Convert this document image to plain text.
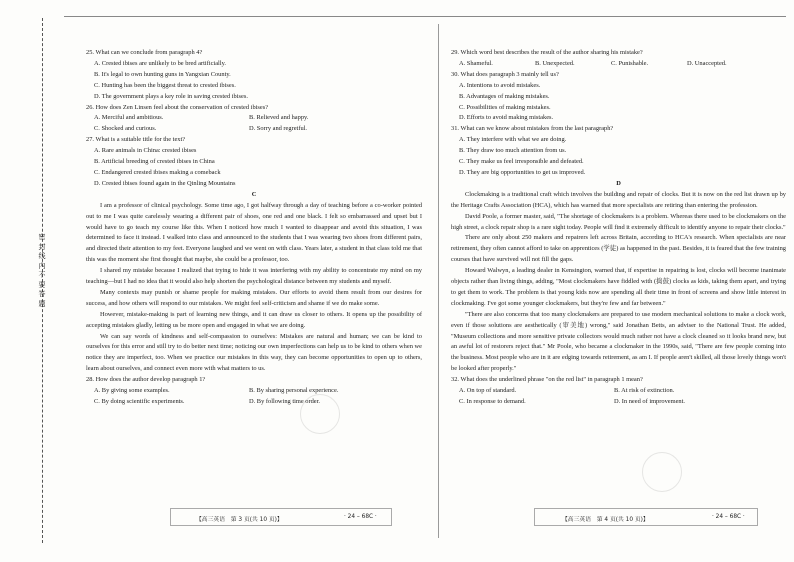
密
封
线
内
不
要
答
题

25. What can we conclude from paragraph 4?

A. Crested ibises are unlikely to be bred artificially.

B. It's legal to own hunting guns in Yangxian County.

C. Hunting has been the biggest threat to crested ibises.

D. The government plays a key role in saving crested ibises.

26. How does Zen Linsen feel about the conservation of crested ibises?

A. Merciful and ambitious.	B. Relieved and happy.
C. Shocked and curious.	D. Sorry and regretful.

27. What is a suitable title for the text?

A. Rare animals in China: crested ibises

B. Artificial breeding of crested ibises in China

C. Endangered crested ibises making a comeback

D. Crested ibises found again in the Qinling Mountains

C

I am a professor of clinical psychology. Some time ago, I got halfway through a day of teaching before a co-worker pointed out to me I was quite carelessly wearing a different pair of shoes, one red and one black. I felt so embarrassed and upset but I would have to go teach my course like this. When I noticed how much I wanted to disappear and avoid this situation, I was determined to face it instead. I walked into class and announced to the students that I was wearing two shoes from different pairs, and directed their attention to my feet. Everyone laughed and we went on with class. Years later, a student in that class told me that this was the moment she first thought that maybe, she could be a professor, too.

I shared my mistake because I realized that trying to hide it was interfering with my ability to concentrate my mind on my teaching—but I had no idea that it would also help shorten the psychological distance between my students and myself.

Many contexts may punish or shame people for making mistakes. Our efforts to avoid them result from our desires for success, and how others will respond to our mistakes. We might feel self-criticism and shame if we do make some.

However, mistake-making is part of learning new things, and it can draw us closer to others. It opens up the possibility of accepting mistakes gladly, letting us be more open and engaged in what we are doing.

We can say words of kindness and self-compassion to ourselves: Mistakes are natural and human; we can be kind to ourselves for this error and still try to do better next time; noticing our own imperfections can help us to be kind to others when we notice they are imperfect, too. When we practice our mistakes in this way, they can become opportunities to open up to others, learn about ourselves, and connect even more with what matters to us.

28. How does the author develop paragraph 1?

A. By giving some examples.	B. By sharing personal experience.
C. By doing scientific experiments.	D. By following time order.

29. Which word best describes the result of the author sharing his mistake?

A. Shameful.	B. Unexpected.	C. Punishable.	D. Unaccepted.

30. What does paragraph 3 mainly tell us?

A. Intentions to avoid mistakes.

B. Advantages of making mistakes.

C. Possibilities of making mistakes.

D. Efforts to avoid making mistakes.

31. What can we know about mistakes from the last paragraph?

A. They interfere with what we are doing.

B. They draw too much attention from us.

C. They make us feel irresponsible and defeated.

D. They are big opportunities to get us improved.

D

Clockmaking is a traditional craft which involves the building and repair of clocks. But it is now on the red list drawn up by the Heritage Crafts Association (HCA), which has warned that more specialists are retiring than entering the profession.

David Poole, a former master, said, "The shortage of clockmakers is a problem. Whereas there used to be clockmakers on the high street, a clock repair shop is a rare sight today. People will find it extremely difficult to identify anyone to repair their clocks."

There are only about 250 makers and repairers left across Britain, according to HCA's research. When specialists are near retirement, they often cannot afford to take on apprentices (学徒) as happened in the past. Besides, it is feared that the few training courses that have survived will not fill the gaps.

Howard Walwyn, a leading dealer in Kensington, warned that, if expertise in repairing is lost, clocks will become inanimate objects rather than living things, adding, "Most clockmakers have fiddled with (捣鼓) clocks as kids, taking them apart, and trying to get them to work. The problem is that young kids now are spending all their time in front of screens and show little interest in clockmaking. I've got some younger clockmakers, but they're few and far between."

"There are also concerns that too many clockmakers are prepared to use modern mechanical solutions to make a clock work, even if those solutions are aesthetically (审美地) wrong," said Jonathan Betts, an adviser to the National Trust. He added, "Museum collections and more sensitive private collectors would much rather not have a clock cleaned so it looks brand new, but an awful lot of restorers reject that." Mr Poole, who became a clockmaker in the 1990s, said, "There are few people coming into the business. Most people who are in it are edging towards retirement, as am I. If people aren't skilled, all those lovely things won't be looked after properly."

32. What does the underlined phrase "on the red list" in paragraph 1 mean?

A. On top of standard.	B. At risk of extinction.
C. In response to demand.	D. In need of improvement.
【高三英语　第 3 页(共 10 页)】	· 24 – 68C ·	【高三英语　第 4 页(共 10 页)】	· 24 – 68C ·
